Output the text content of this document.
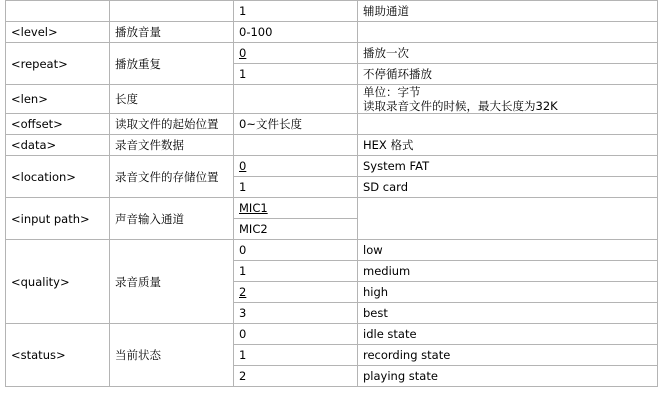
		1	辅助通道
<level>	播放音量	0-100	
<repeat>	播放重复	0	播放一次
		1	不停循环播放
<len>	长度		单位：字节
读取录音文件的时候，最大长度为32K
<offset>	读取文件的起始位置	0~文件长度	
<data>	录音文件数据		HEX 格式
<location>	录音文件的存储位置	0	System FAT
		1	SD card
<input path>	声音输入通道	MIC1	
		MIC2	
<quality>	录音质量	0	low
		1	medium
		2	high
		3	best
<status>	当前状态	0	idle state
		1	recording state
		2	playing state
